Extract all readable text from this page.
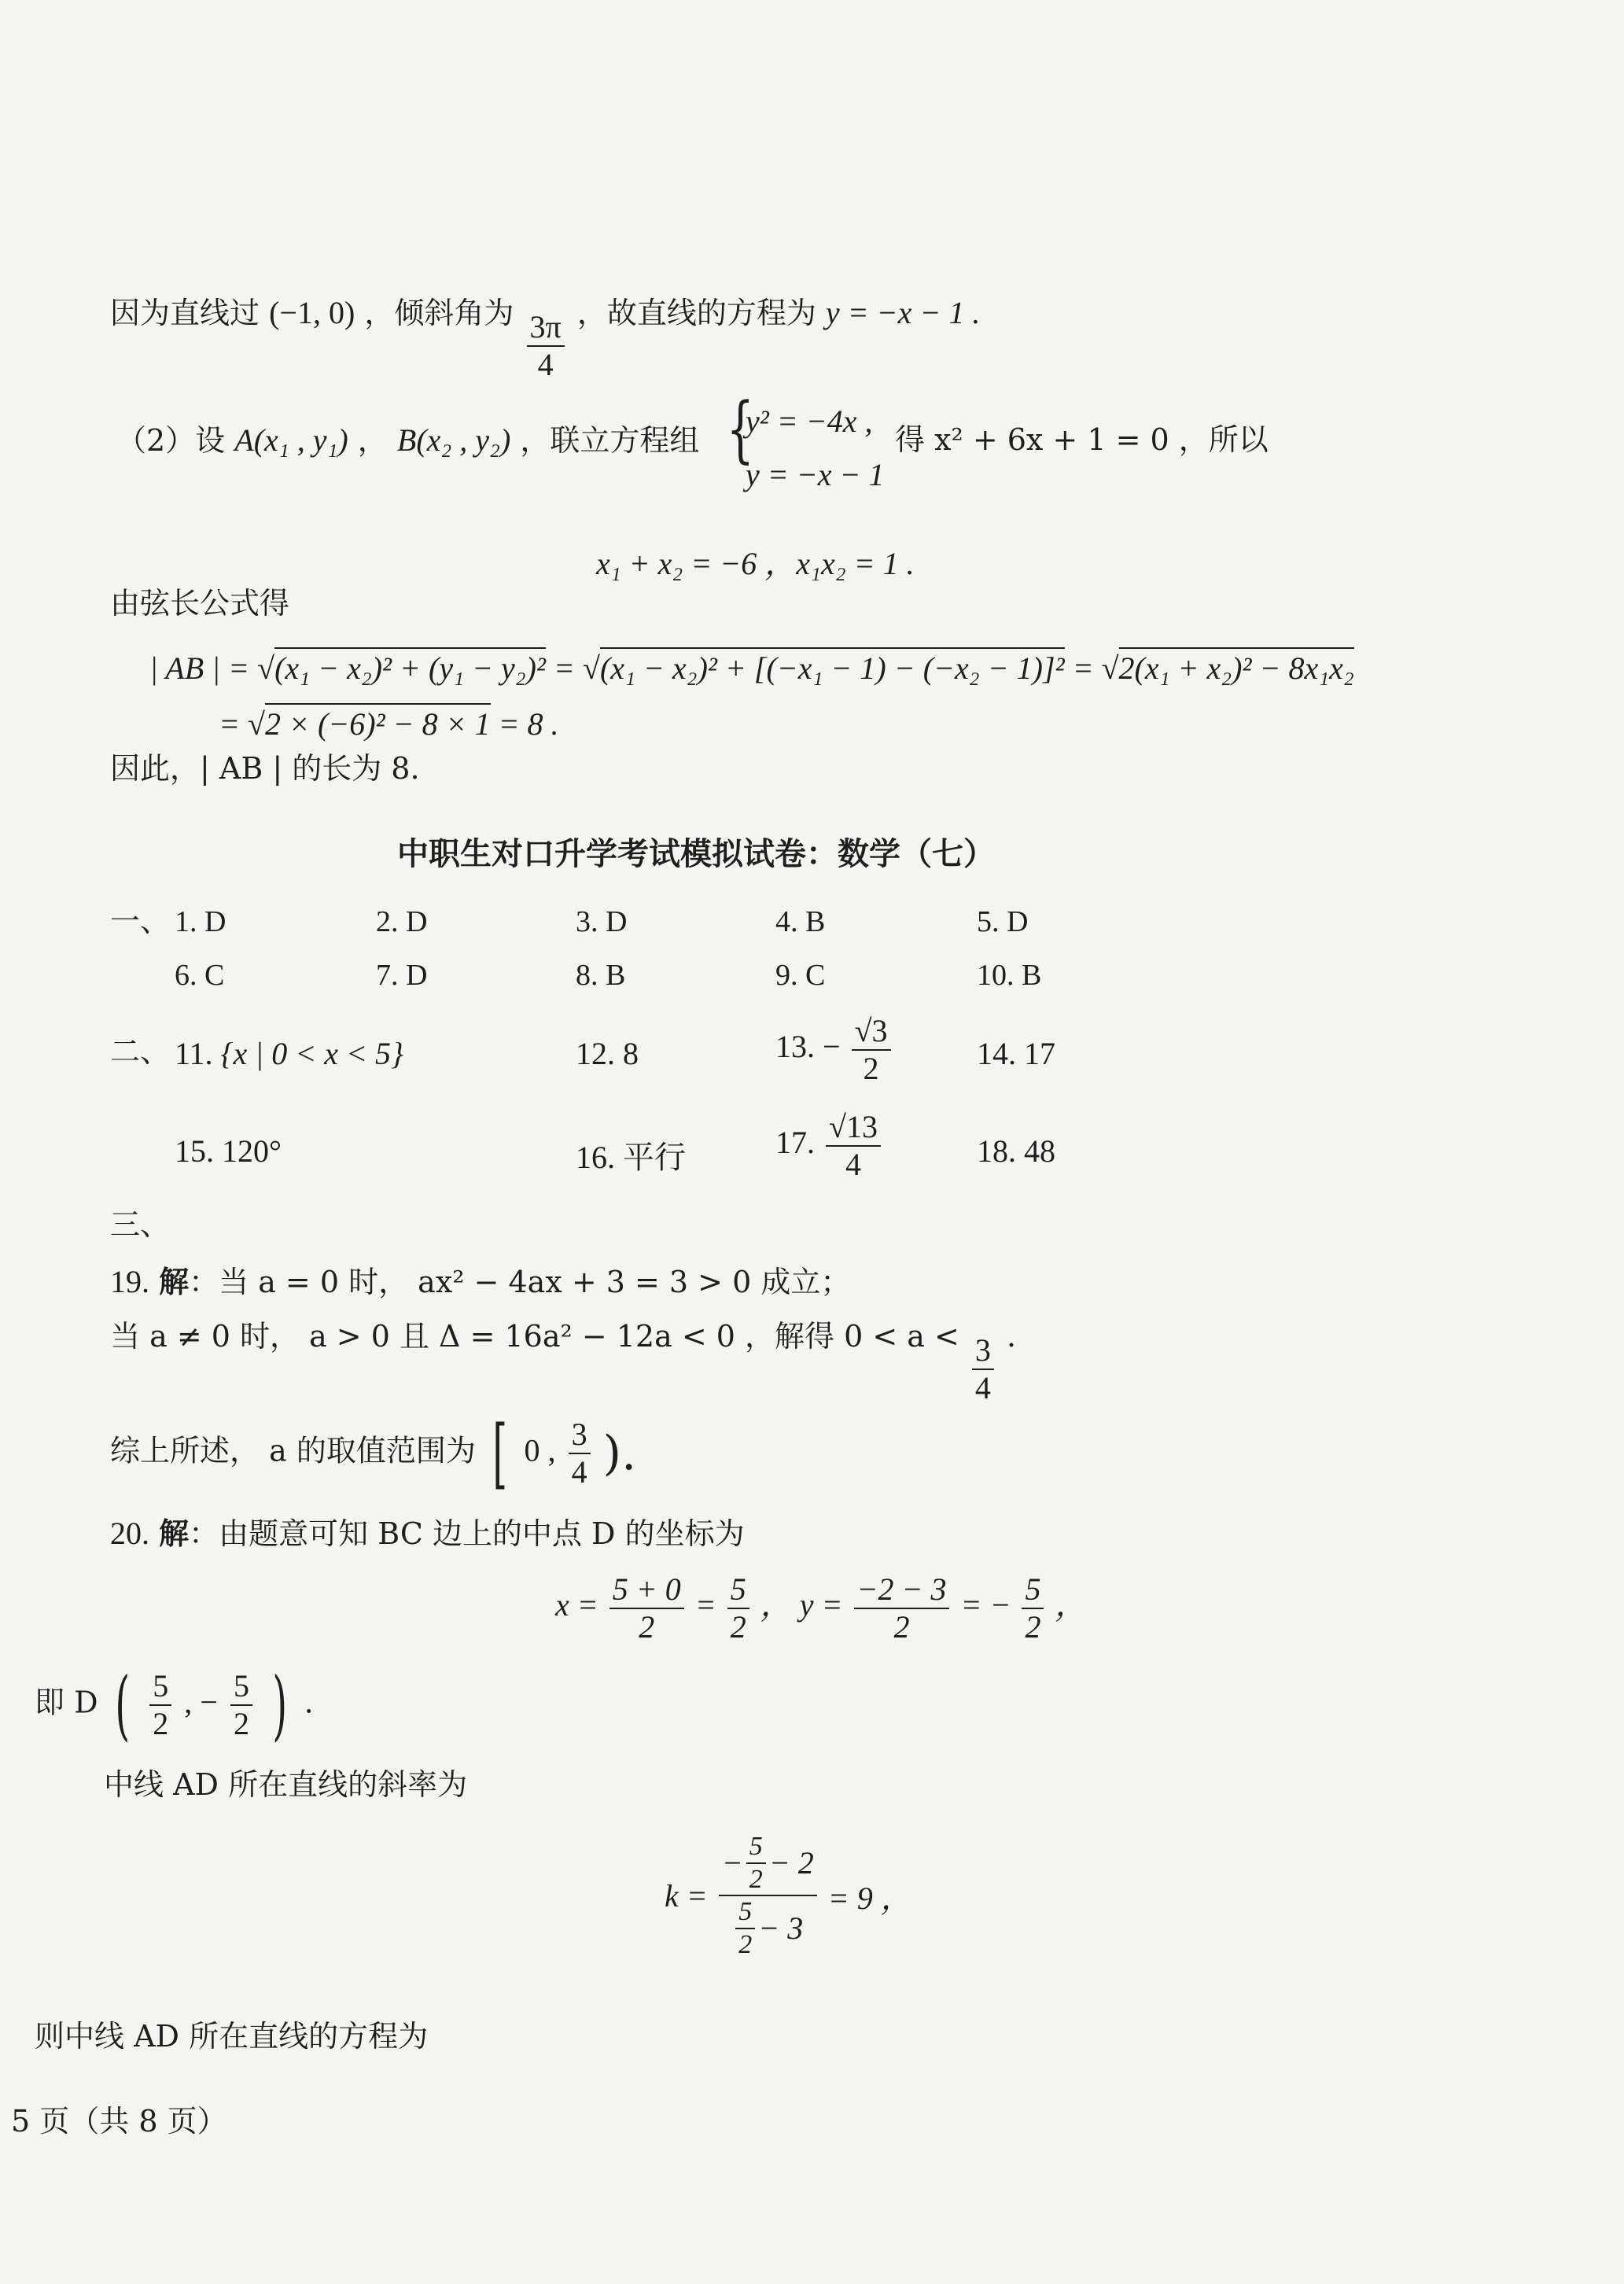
因为直线过 (−1, 0) ，倾斜角为 $\frac{3\pi}{4}$ ，故直线的方程为 y = −x − 1 .
（2）设 A(x₁ , y₁) ， B(x₂ , y₂) ，联立方程组 {
y² = −4x ,
y = −x − 1
得 x² + 6x + 1 = 0 ，所以
x₁ + x₂ = −6 ，x₁x₂ = 1 .
由弦长公式得
| AB | = √(x₁ − x₂)² + (y₁ − y₂)² = √(x₁ − x₂)² + [(−x₁ − 1) − (−x₂ − 1)]² = √2(x₁ + x₂)² − 8x₁x₂
= √2 × (−6)² − 8 × 1 = 8 .
因此，| AB | 的长为 8.
中职生对口升学考试模拟试卷：数学（七）
一、 1. D	2. D	3. D	4. B	5. D
6. C	7. D	8. B	9. C	10. B
二、 11. {x | 0 < x < 5}	12. 8	13. − $\frac{√3}{2}$	14. 17
15. 120°	16. 平行	17. $\frac{√13}{4}$	18. 48
三、
19. 解：当 a = 0 时， ax² − 4ax + 3 = 3 > 0 成立；
当 a ≠ 0 时， a > 0 且 Δ = 16a² − 12a < 0 ，解得 $0 < a < \frac{3}{4}$ .
综上所述， a 的取值范围为 [ 0 , $\frac{3}{4}$ ).
20. 解：由题意可知 BC 边上的中点 D 的坐标为
$x = \frac{5 + 0}{2} = \frac{5}{2}$ ， $y = \frac{-2 - 3}{2}$ = − $\frac{5}{2}$ ，
即 D ( $\frac{5}{2}$ , − $\frac{5}{2}$ ) .
中线 AD 所在直线的斜率为
$k = \frac{- \frac{5}{2} - 2}{\frac{5}{2} - 3} = 9$ ，
则中线 AD 所在直线的方程为
5 页（共 8 页）
